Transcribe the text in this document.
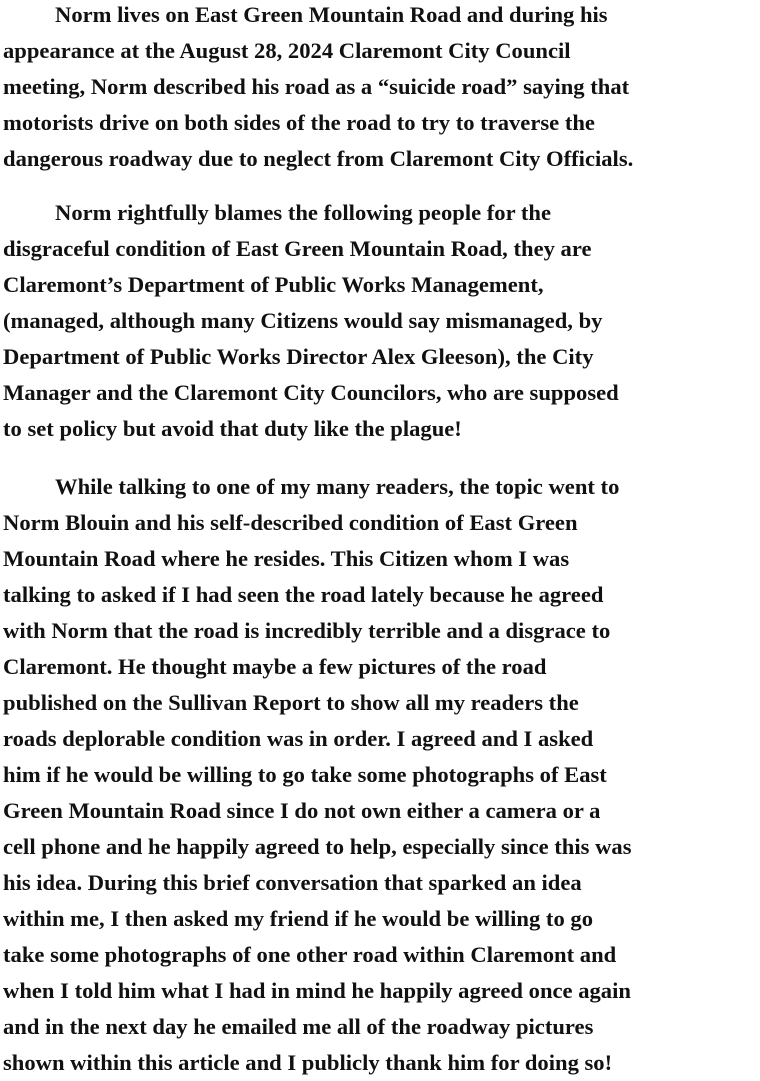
Norm lives on East Green Mountain Road and during his
appearance at the August 28, 2024 Claremont City Council
meeting, Norm described his road as a “suicide road” saying that
motorists drive on both sides of the road to try to traverse the
dangerous roadway due to neglect from Claremont City Officials.

Norm rightfully blames the following people for the
disgraceful condition of East Green Mountain Road, they are
Claremont’s Department of Public Works Management,
(managed, although many Citizens would say mismanaged, by
Department of Public Works Director Alex Gleeson), the City
Manager and the Claremont City Councilors, who are supposed
to set policy but avoid that duty like the plague!

While talking to one of my many readers, the topic went to
Norm Blouin and his self-described condition of East Green
Mountain Road where he resides. This Citizen whom I was
talking to asked if I had seen the road lately because he agreed
with Norm that the road is incredibly terrible and a disgrace to
Claremont. He thought maybe a few pictures of the road
published on the Sullivan Report to show all my readers the
roads deplorable condition was in order. I agreed and I asked
him if he would be willing to go take some photographs of East
Green Mountain Road since I do not own either a camera or a
cell phone and he happily agreed to help, especially since this was
his idea. During this brief conversation that sparked an idea
within me, I then asked my friend if he would be willing to go
take some photographs of one other road within Claremont and
when I told him what I had in mind he happily agreed once again
and in the next day he emailed me all of the roadway pictures
shown within this article and I publicly thank him for doing so!
